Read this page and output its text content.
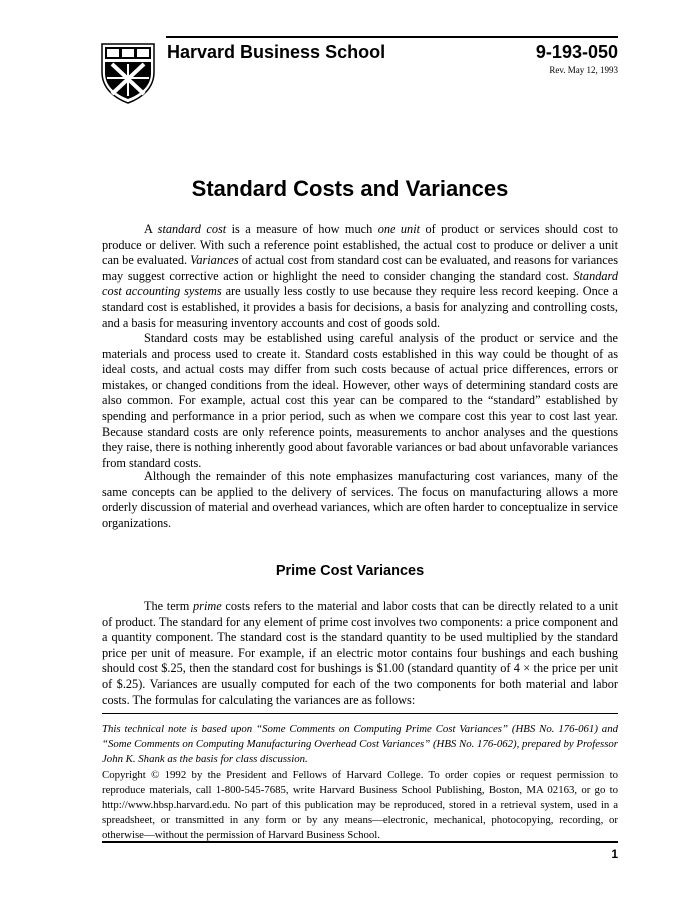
Harvard Business School	9-193-050
Rev. May 12, 1993
Standard Costs and Variances

A standard cost is a measure of how much one unit of product or services should cost to produce or deliver. With such a reference point established, the actual cost to produce or deliver a unit can be evaluated. Variances of actual cost from standard cost can be evaluated, and reasons for variances may suggest corrective action or highlight the need to consider changing the standard cost. Standard cost accounting systems are usually less costly to use because they require less record keeping. Once a standard cost is established, it provides a basis for decisions, a basis for analyzing and controlling costs, and a basis for measuring inventory accounts and cost of goods sold.

Standard costs may be established using careful analysis of the product or service and the materials and process used to create it. Standard costs established in this way could be thought of as ideal costs, and actual costs may differ from such costs because of actual price differences, errors or mistakes, or changed conditions from the ideal. However, other ways of determining standard costs are also common. For example, actual cost this year can be compared to the “standard” established by spending and performance in a prior period, such as when we compare cost this year to cost last year. Because standard costs are only reference points, measurements to anchor analyses and the questions they raise, there is nothing inherently good about favorable variances or bad about unfavorable variances from standard costs.

Although the remainder of this note emphasizes manufacturing cost variances, many of the same concepts can be applied to the delivery of services. The focus on manufacturing allows a more orderly discussion of material and overhead variances, which are often harder to conceptualize in service organizations.

Prime Cost Variances

The term prime costs refers to the material and labor costs that can be directly related to a unit of product. The standard for any element of prime cost involves two components: a price component and a quantity component. The standard cost is the standard quantity to be used multiplied by the standard price per unit of measure. For example, if an electric motor contains four bushings and each bushing should cost $.25, then the standard cost for bushings is $1.00 (standard quantity of 4 × the price per unit of $.25). Variances are usually computed for each of the two components for both material and labor costs. The formulas for calculating the variances are as follows:

This technical note is based upon “Some Comments on Computing Prime Cost Variances” (HBS No. 176-061) and “Some Comments on Computing Manufacturing Overhead Cost Variances” (HBS No. 176-062), prepared by Professor John K. Shank as the basis for class discussion.
Copyright © 1992 by the President and Fellows of Harvard College. To order copies or request permission to reproduce materials, call 1-800-545-7685, write Harvard Business School Publishing, Boston, MA 02163, or go to http://www.hbsp.harvard.edu. No part of this publication may be reproduced, stored in a retrieval system, used in a spreadsheet, or transmitted in any form or by any means—electronic, mechanical, photocopying, recording, or otherwise—without the permission of Harvard Business School.
1
